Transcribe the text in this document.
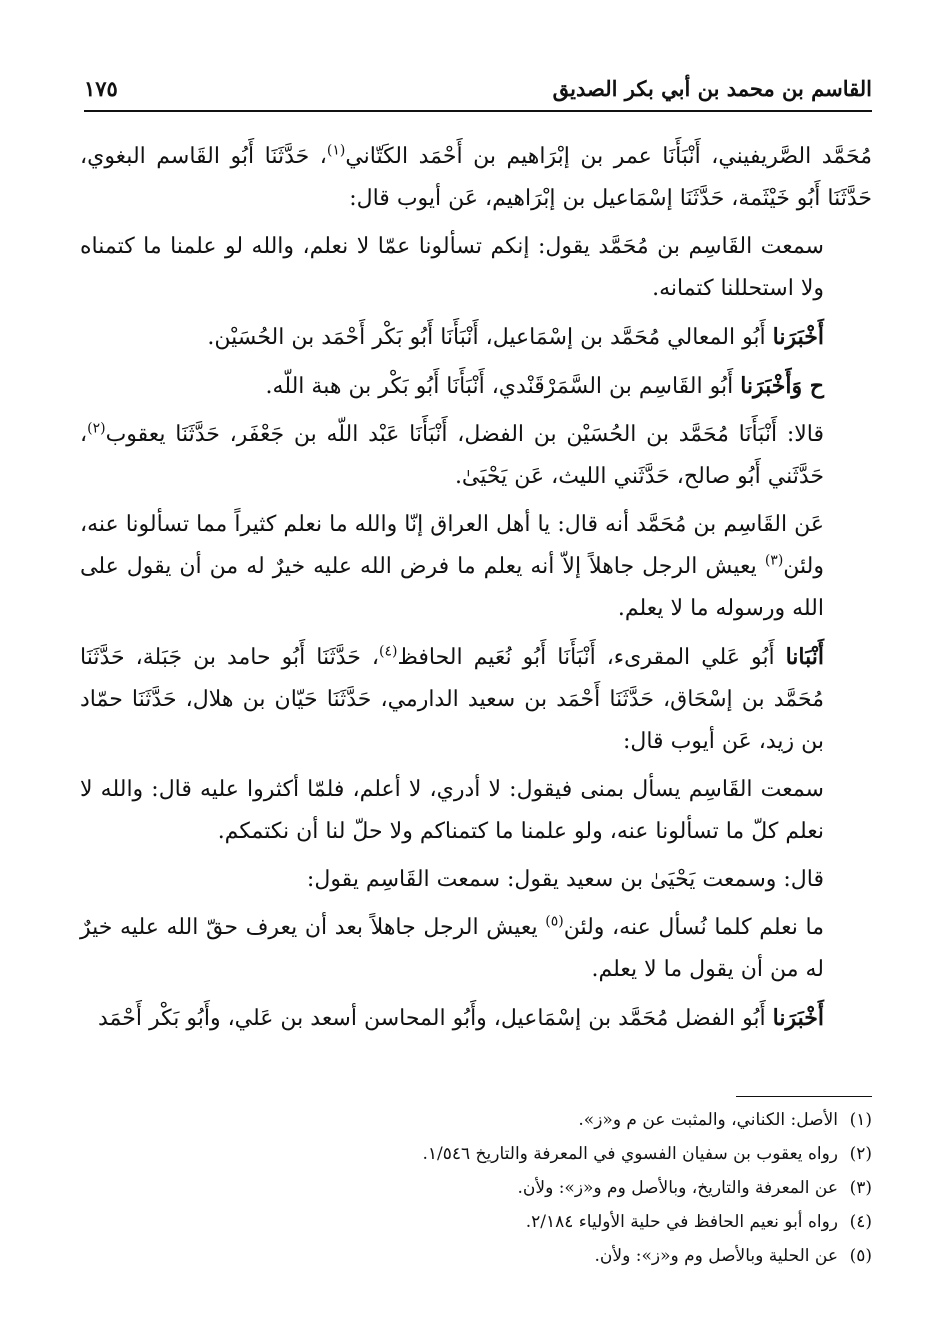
القاسم بن محمد بن أبي بكر الصديق
١٧٥

مُحَمَّد الصَّريفيني، أَنْبَأَنَا عمر بن إبْرَاهيم بن أَحْمَد الكَتّاني$^{(١)}$، حَدَّثَنَا أَبُو القَاسم البغوي، حَدَّثَنَا أَبُو خَيْثَمة، حَدَّثَنَا إسْمَاعيل بن إبْرَاهيم، عَن أيوب قال:

سمعت القَاسِم بن مُحَمَّد يقول: إنكم تسألونا عمّا لا نعلم، والله لو علمنا ما كتمناه ولا استحللنا كتمانه.

أَخْبَرَنا أَبُو المعالي مُحَمَّد بن إسْمَاعيل، أَنْبَأَنَا أَبُو بَكْر أَحْمَد بن الحُسَيْن.

ح وَأَخْبَرَنا أَبُو القَاسِم بن السَّمَرْقَنْدي، أَنْبَأَنَا أَبُو بَكْر بن هبة اللّه.

قالا: أَنْبَأَنَا مُحَمَّد بن الحُسَيْن بن الفضل، أَنْبَأَنَا عَبْد اللّه بن جَعْفَر، حَدَّثَنَا يعقوب$^{(٢)}$، حَدَّثَني أَبُو صالح، حَدَّثَني الليث، عَن يَحْيَىٰ.

عَن القَاسِم بن مُحَمَّد أنه قال: يا أهل العراق إنّا والله ما نعلم كثيراً مما تسألونا عنه، ولئن$^{(٣)}$ يعيش الرجل جاهلاً إلاّ أنه يعلم ما فرض الله عليه خيرٌ له من أن يقول على الله ورسوله ما لا يعلم.

أَنْبَانا أَبُو عَلي المقرىء، أَنْبَأَنَا أَبُو نُعَيم الحافظ$^{(٤)}$، حَدَّثَنَا أَبُو حامد بن جَبَلة، حَدَّثَنَا مُحَمَّد بن إسْحَاق، حَدَّثَنَا أَحْمَد بن سعيد الدارمي، حَدَّثَنَا حَيّان بن هلال، حَدَّثَنَا حمّاد بن زيد، عَن أيوب قال:

سمعت القَاسِم يسأل بمنى فيقول: لا أدري، لا أعلم، فلمّا أكثروا عليه قال: والله لا نعلم كلّ ما تسألونا عنه، ولو علمنا ما كتمناكم ولا حلّ لنا أن نكتمكم.

قال: وسمعت يَحْيَىٰ بن سعيد يقول: سمعت القَاسِم يقول:

ما نعلم كلما نُسأل عنه، ولئن$^{(٥)}$ يعيش الرجل جاهلاً بعد أن يعرف حقّ الله عليه خيرٌ له من أن يقول ما لا يعلم.

أَخْبَرَنا أَبُو الفضل مُحَمَّد بن إسْمَاعيل، وأَبُو المحاسن أسعد بن عَلي، وأَبُو بَكْر أَحْمَد

(١)الأصل: الكناني، والمثبت عن م و«ز».
(٢)رواه يعقوب بن سفيان الفسوي في المعرفة والتاريخ ١/٥٤٦.
(٣)عن المعرفة والتاريخ، وبالأصل وم و«ز»: ولأن.
(٤)رواه أبو نعيم الحافظ في حلية الأولياء ٢/١٨٤.
(٥)عن الحلية وبالأصل وم و«ز»: ولأن.
